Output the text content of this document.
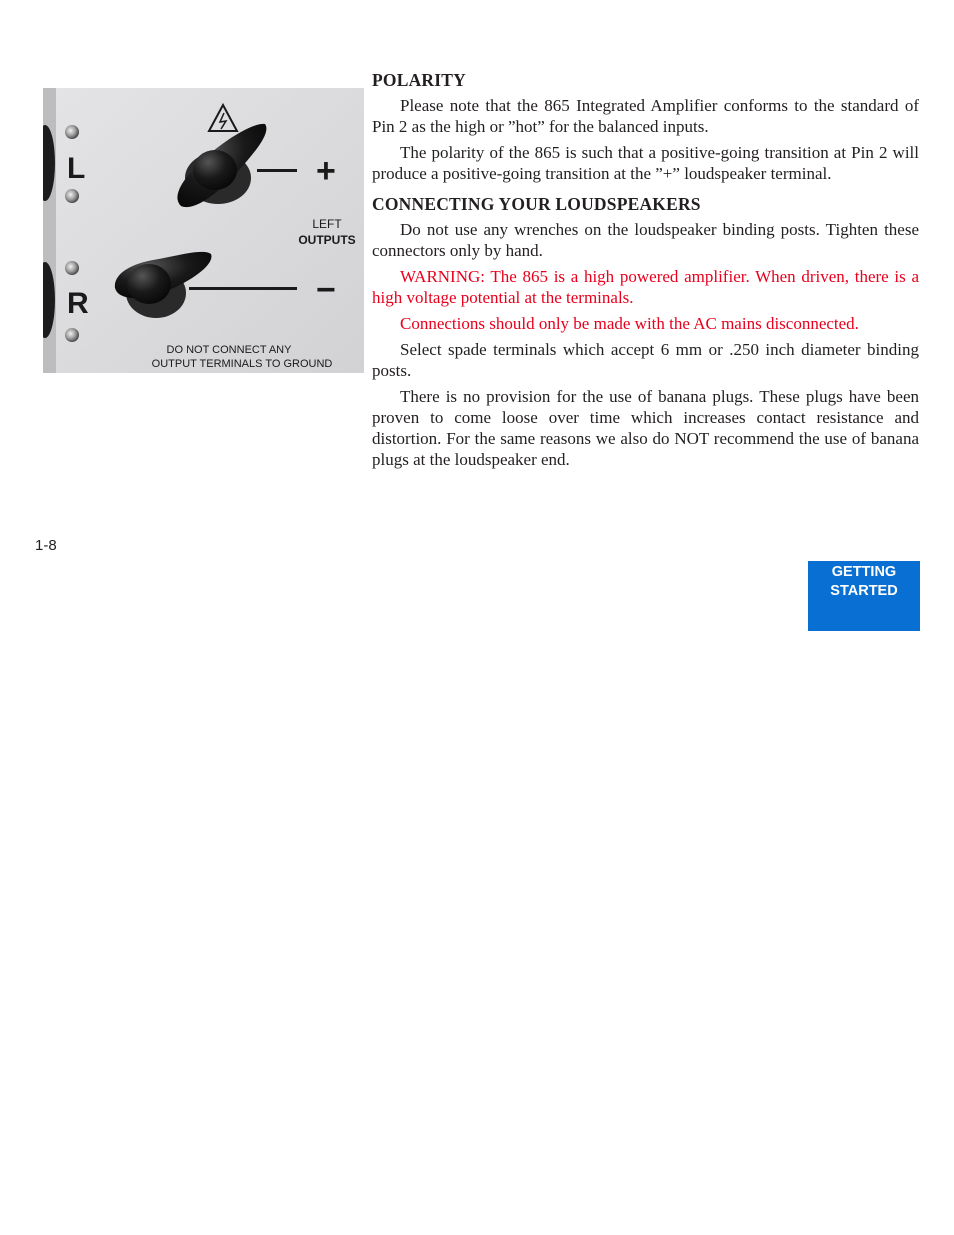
L
R
+
−
LEFT
OUTPUTS
DO NOT CONNECT ANY
OUTPUT TERMINALS TO GROUND
POLARITY

Please note that the 865 Integrated Amplifier conforms to the standard of Pin 2 as the high or ”hot” for the balanced inputs.

The polarity of the 865 is such that a positive-going transition at Pin 2 will produce a positive-going transition at the ”+” loudspeaker terminal.

CONNECTING YOUR LOUDSPEAKERS

Do not use any wrenches on the loudspeaker binding posts. Tighten these connectors only by hand.

WARNING: The 865 is a high powered amplifier. When driven, there is a high voltage potential at the terminals.

Connections should only be made with the AC mains disconnected.

Select spade terminals which accept 6 mm or .250 inch diameter binding posts.

There is no provision for the use of banana plugs. These plugs have been proven to come loose over time which increases contact resistance and distortion. For the same reasons we also do NOT recommend the use of banana plugs at the loudspeaker end.

1-8
GETTING
STARTED
